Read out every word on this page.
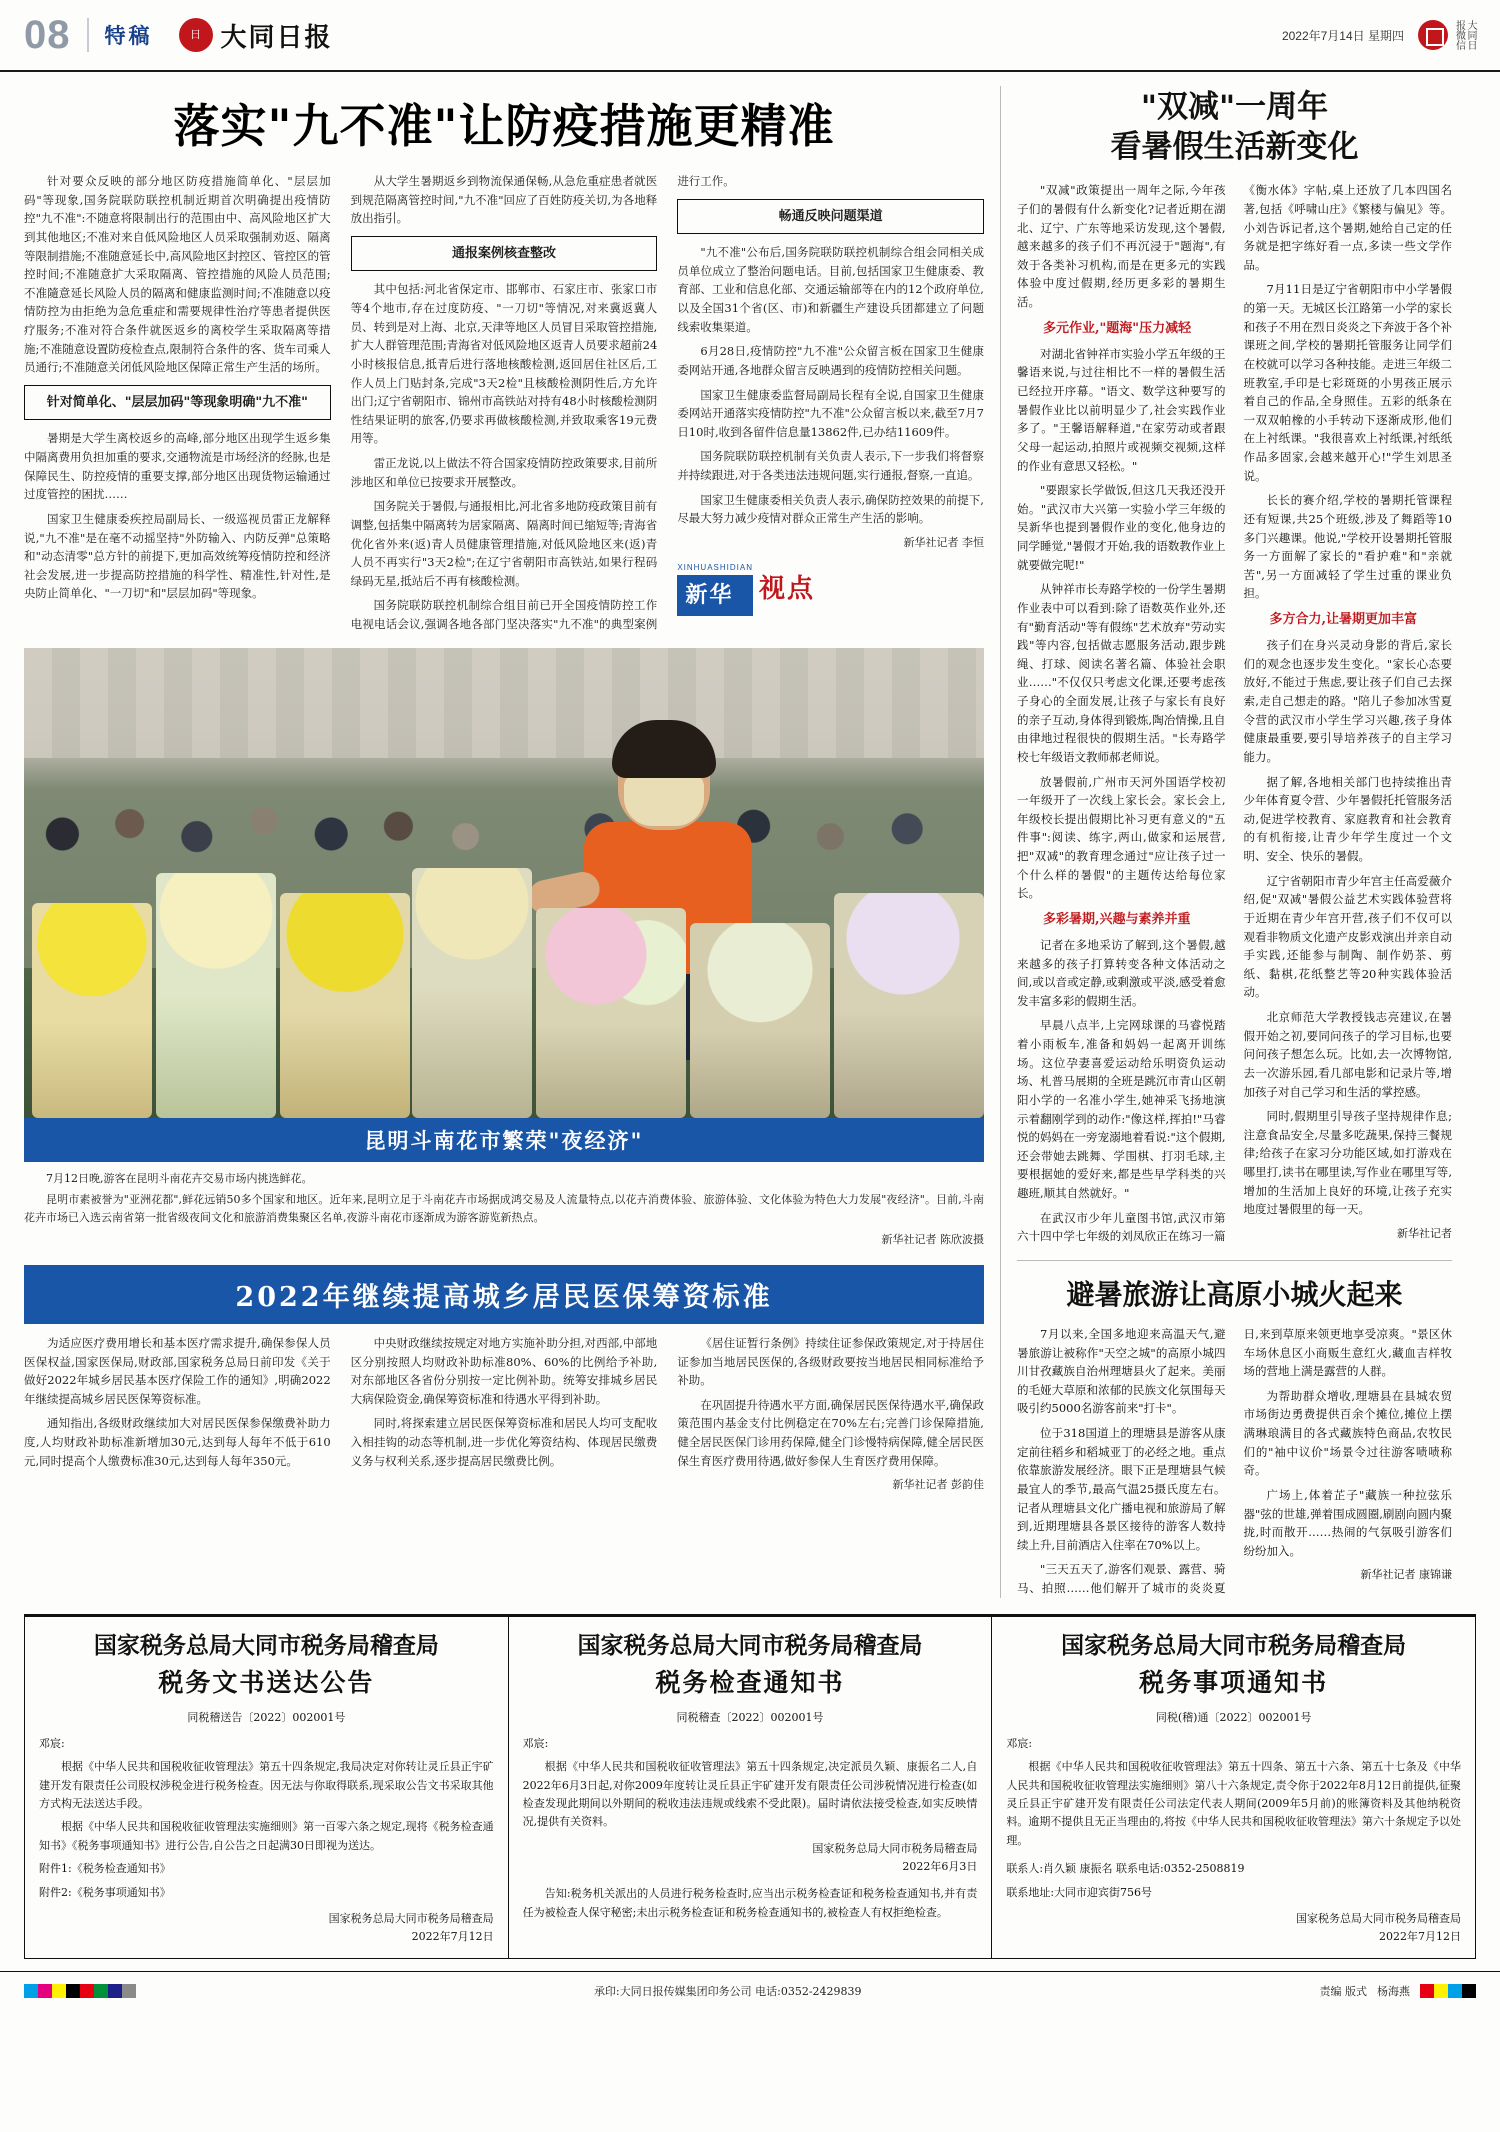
08 特稿	日 大同日报	2022年7月14日 星期四	大同日报微信
落实"九不准"让防疫措施更精准

针对要众反映的部分地区防疫措施简单化、"层层加码"等现象,国务院联防联控机制近期首次明确提出疫情防控"九不准":不随意将限制出行的范围由中、高风险地区扩大到其他地区;不准对来自低风险地区人员采取强制劝返、隔离等限制措施;不准随意延长中,高风险地区封控区、管控区的管控时间;不准随意扩大采取隔离、管控措施的风险人员范围;不准隨意延长风险人员的隔离和健康监测时间;不准随意以疫情防控为由拒绝为急危重症和需要规律性治疗等患者提供医疗服务;不准对符合条件就医返乡的离校学生采取隔离等措施;不准随意设置防疫检查点,限制符合条件的客、货车司乘人员通行;不准随意关闭低风险地区保障正常生产生活的场所。

针对简单化、"层层加码"等现象明确"九不准"

暑期是大学生离校返乡的高峰,部分地区出现学生返乡集中隔离费用负担加重的要求,交通物流是市场经济的经脉,也是保障民生、防控疫情的重要支撑,部分地区出现货物运输通过过度管控的困扰……

国家卫生健康委疾控局副局长、一级巡视员雷正龙解释说,"九不准"是在毫不动摇坚持"外防输入、内防反弹"总策略和"动态清零"总方针的前提下,更加高效统筹疫情防控和经济社会发展,进一步提高防控措施的科学性、精准性,针对性,是央防止简单化、"一刀切"和"层层加码"等现象。

从大学生暑期返乡到物流保通保畅,从急危重症患者就医到规范隔离管控时间,"九不准"回应了百姓防疫关切,为各地释放出指引。

通报案例核查整改

其中包括:河北省保定市、邯郸市、石家庄市、张家口市等4个地市,存在过度防疫、"一刀切"等情况,对来冀返冀人员、转到是对上海、北京,天津等地区人员冒目采取管控措施,扩大人群管理范围;青海省对低风险地区返青人员要求超前24小时核报信息,抵青后进行落地核酸检测,返回居住社区后,工作人员上门贴封条,完成"3天2检"且核酸检测阴性后,方允许出门;辽宁省朝阳市、锦州市高铁站对持有48小时核酸检测阴性结果证明的旅客,仍要求再做核酸检测,并致取乘客19元费用等。

雷正龙说,以上做法不符合国家疫情防控政策要求,目前所涉地区和单位已按要求开展整改。

国务院关于暑假,与通报相比,河北省多地防疫政策目前有调整,包括集中隔离转为居家隔离、隔离时间已缩短等;青海省优化省外来(返)青人员健康管理措施,对低风险地区来(返)青人员不再实行"3天2检";在辽宁省朝阳市高铁站,如果行程码绿码无星,抵站后不再有核酸检测。

国务院联防联控机制综合组目前已开全国疫情防控工作电视电话会议,强调各地各部门坚决落实"九不准"的典型案例进行工作。

畅通反映问题渠道

"九不准"公布后,国务院联防联控机制综合组会同相关成员单位成立了整治问题电话。目前,包括国家卫生健康委、教育部、工业和信息化部、交通运输部等在内的12个政府单位,以及全国31个省(区、市)和新疆生产建设兵团都建立了问题线索收集渠道。

6月28日,疫情防控"九不准"公众留言板在国家卫生健康委网站开通,各地群众留言反映遇到的疫情防控相关问题。

国家卫生健康委监督局副局长程有全说,自国家卫生健康委网站开通落实疫情防控"九不准"公众留言板以来,截至7月7日10时,收到各留件信息量13862件,已办结11609件。

国务院联防联控机制有关负责人表示,下一步我们将督察并持续跟进,对于各类违法违规问题,实行通报,督察,一直追。

国家卫生健康委相关负责人表示,确保防控效果的前提下,尽最大努力减少疫情对群众正常生产生活的影响。

新华社记者 李恒
XINHUASHIDIAN
新华 视点
昆明斗南花市繁荣"夜经济"

7月12日晚,游客在昆明斗南花卉交易市场内挑选鲜花。

昆明市素被誉为"亚洲花都",鲜花远销50多个国家和地区。近年来,昆明立足于斗南花卉市场据成鸿交易及人流量特点,以花卉消费体验、旅游体验、文化体验为特色大力发展"夜经济"。目前,斗南花卉市场已入选云南省第一批省级夜间文化和旅游消费集聚区名单,夜游斗南花市逐渐成为游客游览新热点。

新华社记者 陈欣波摄

2022年继续提高城乡居民医保筹资标准

为适应医疗费用增长和基本医疗需求提升,确保参保人员医保权益,国家医保局,财政部,国家税务总局日前印发《关于做好2022年城乡居民基本医疗保险工作的通知》,明确2022年继续提高城乡居民医保筹资标准。

通知指出,各级财政继续加大对居民医保参保缴费补助力度,人均财政补助标准新增加30元,达到每人每年不低于610元,同时提高个人缴费标准30元,达到每人每年350元。

中央财政继续按规定对地方实施补助分担,对西部,中部地区分别按照人均财政补助标准80%、60%的比例给予补助,对东部地区各省份分别按一定比例补助。统筹安排城乡居民大病保险资金,确保筹资标准和待遇水平得到补助。

同时,将探索建立居民医保筹资标准和居民人均可支配收入相挂钩的动态等机制,进一步优化筹资结构、体现居民缴费义务与权利关系,逐步提高居民缴费比例。

《居住证暂行条例》持续住证参保政策规定,对于持居住证参加当地居民医保的,各级财政要按当地居民相同标准给予补助。

在巩固提升待遇水平方面,确保居民医保待遇水平,确保政策范围内基金支付比例稳定在70%左右;完善门诊保障措施,健全居民医保门诊用药保障,健全门诊慢特病保障,健全居民医保生育医疗费用待遇,做好参保人生育医疗费用保障。

新华社记者 彭韵佳
"双减"一周年
看暑假生活新变化

"双减"政策提出一周年之际,今年孩子们的暑假有什么新变化?记者近期在湖北、辽宁、广东等地采访发现,这个暑假,越来越多的孩子们不再沉浸于"题海",有效于各类补习机构,而是在更多元的实践体验中度过假期,经历更多彩的暑期生活。

多元作业,"题海"压力减轻

对湖北省钟祥市实验小学五年级的王馨语来说,与过往相比不一样的暑假生活已经拉开序幕。"语文、数学这种要写的暑假作业比以前明显少了,社会实践作业多了。"王馨语解释道,"在家劳动或者跟父母一起运动,拍照片或视频交视频,这样的作业有意思又轻松。"

"要跟家长学做饭,但这几天我还没开始。"武汉市大兴第一实验小学三年级的吴新华也提到暑假作业的变化,他身边的同学睡觉,"暑假才开始,我的语数教作业上就要做完呢!"

从钟祥市长寿路学校的一份学生暑期作业表中可以看到:除了语数英作业外,还有"勤育活动"等有假练"艺术放弃"劳动实践"等内容,包括做志愿服务活动,跟步跳绳、打球、阅读名著名篇、体验社会职业……"不仅仅只考虑文化课,还要考虑孩子身心的全面发展,让孩子与家长有良好的亲子互动,身体得到锻炼,陶冶情操,且自由律地过程很快的假期生活。"长寿路学校七年级语文教师郝老师说。

放暑假前,广州市天河外国语学校初一年级开了一次线上家长会。家长会上,年级校长提出假期比补习更有意义的"五件事":阅读、练字,两山,做家和运展营,把"双减"的教育理念通过"应让孩子过一个什么样的暑假"的主题传达给每位家长。

多彩暑期,兴趣与素养并重

记者在多地采访了解到,这个暑假,越来越多的孩子打算转变各种文体活动之间,或以音或定静,或剩激或平淡,感受着愈发丰富多彩的假期生活。

早晨八点半,上完网球课的马睿悦踏着小雨板车,准备和妈妈一起离开训练场。这位孕妻喜爱运动给乐明资负运动场、札普马展期的全班是跳沉市青山区朝阳小学的一名准小学生,她神采飞扬地演示着翻刚学到的动作:"像这样,挥拍!"马睿悦的妈妈在一旁宠溺地着看说:"这个假期,还会带她去跳舞、学围棋、打羽毛球,主要根据她的爱好来,都是些早学科类的兴趣班,顺其自然就好。"

在武汉市少年儿童图书馆,武汉市第六十四中学七年级的刘凤欣正在练习一篇《衡水体》字帖,桌上还放了几本四国名著,包括《呼啸山庄》《繁楼与偏见》等。小刘告诉记者,这个暑期,她给自己定的任务就是把字练好看一点,多读一些文学作品。

7月11日是辽宁省朝阳市中小学暑假的第一天。无城区长江路第一小学的家长和孩子不用在烈日炎炎之下奔波于各个补课班之间,学校的暑期托管服务让同学们在校就可以学习各种技能。走进三年级二班教室,手印是七彩斑斑的小男孩正展示着自己的作品,全身照佳。五彩的纸条在一双双帕橡的小手转动下逐渐成形,他们在上衬纸课。"我很喜欢上衬纸课,衬纸纸作品多固家,会越来越开心!"学生刘思圣说。

长长的赛介绍,学校的暑期托管课程还有短课,共25个班级,涉及了舞蹈等10多门兴趣课。他说,"学校开设暑期托管服务一方面解了家长的"看护难"和"亲就苦",另一方面减轻了学生过重的课业负担。

多方合力,让暑期更加丰富

孩子们在身兴灵动身影的背后,家长们的观念也逐步发生变化。"家长心态要放好,不能过于焦虑,要让孩子们自己去探索,走自己想走的路。"陪儿子参加冰雪夏令营的武汉市小学生学习兴趣,孩子身体健康最重要,要引导培养孩子的自主学习能力。

据了解,各地相关部门也持续推出青少年体育夏令营、少年暑假托托管服务活动,促进学校教育、家庭教育和社会教育的有机衔接,让青少年学生度过一个文明、安全、快乐的暑假。

辽宁省朝阳市青少年宫主任高爱薇介绍,促"双减"暑假公益艺术实践体验营将于近期在青少年宫开营,孩子们不仅可以观看非物质文化遗产皮影戏演出并亲自动手实践,还能参与制陶、制作奶茶、剪纸、黏棋,花纸整艺等20种实践体验活动。

北京师范大学教授钱志亮建议,在暑假开始之初,要同问孩子的学习目标,也要问问孩子想怎么玩。比如,去一次博物馆,去一次游乐园,看几部电影和记录片等,增加孩子对自己学习和生活的掌控感。

同时,假期里引导孩子坚持规律作息;注意食品安全,尽量多吃蔬果,保持三餐规律;给孩子在家习分功能区域,如打游戏在哪里打,读书在哪里读,写作业在哪里写等,增加的生活加上良好的环境,让孩子充实地度过暑假里的每一天。

新华社记者
避暑旅游让高原小城火起来

7月以来,全国多地迎来高温天气,避暑旅游让被称作"天空之城"的高原小城四川甘孜藏族自治州理塘县火了起来。美丽的毛娅大草原和浓郁的民族文化氛围每天吸引约5000名游客前来"打卡"。

位于318国道上的理塘县是游客从康定前往稻乡和稻城亚丁的必经之地。重点依靠旅游发展经济。眼下正是理塘县气候最宜人的季节,最高气温25摄氏度左右。记者从理塘县文化广播电视和旅游局了解到,近期理塘县各景区接待的游客人数持续上升,目前酒店入住率在70%以上。

"三天五天了,游客们观景、露营、骑马、拍照……他们解开了城市的炎炎夏日,来到草原来领更地享受凉爽。"景区休车场休息区小商贩生意红火,藏血吉样牧场的营地上满是露营的人群。

为帮助群众增收,理塘县在县城农贸市场街边勇费提供百余个摊位,摊位上摆满琳琅满目的各式藏族特色商品,农牧民们的"袖中议价"场景令过往游客啧啧称奇。

广场上,体着芷子"藏族一种拉弦乐器"弦的世雄,弹着围成圆圈,刷剧向圆内聚拢,时而散开……热闹的气氛吸引游客们纷纷加入。

新华社记者 康锦谦
国家税务总局大同市税务局稽查局
税务文书送达公告
同税稽送告〔2022〕002001号

邓宸:

根据《中华人民共和国税收征收管理法》第五十四条规定,我局决定对你转让灵丘县正宇矿建开发有限责任公司股权涉税金进行税务检查。因无法与你取得联系,现采取公告文书采取其他方式构无法送达手段。

根据《中华人民共和国税收征收管理法实施细则》第一百零六条之规定,现将《税务检查通知书》《税务事项通知书》进行公告,自公告之日起满30日即视为送达。

附件1:《税务检查通知书》

附件2:《税务事项通知书》

国家税务总局大同市税务局稽查局
2022年7月12日
国家税务总局大同市税务局稽查局
税务检查通知书
同税稽查〔2022〕002001号

邓宸:

根据《中华人民共和国税收征收管理法》第五十四条规定,决定派员久颖、康振名二人,自2022年6月3日起,对你2009年度转让灵丘县正宇矿建开发有限责任公司涉税情况进行检查(如检查发现此期间以外期间的税收违法违规或线索不受此限)。届时请依法接受检查,如实反映情况,提供有关资料。

国家税务总局大同市税务局稽查局
2022年6月3日

告知:税务机关派出的人员进行税务检查时,应当出示税务检查证和税务检查通知书,并有责任为被检查人保守秘密;未出示税务检查证和税务检查通知书的,被检查人有权拒绝检查。

国家税务总局大同市税务局稽查局
税务事项通知书
同税(稽)通〔2022〕002001号

邓宸:

根据《中华人民共和国税收征收管理法》第五十四条、第五十六条、第五十七条及《中华人民共和国税收征收管理法实施细则》第八十六条规定,责令你于2022年8月12日前提供,征聚灵丘县正宇矿建开发有限责任公司法定代表人期间(2009年5月前)的账簿资料及其他纳税资料。逾期不提供且无正当理由的,将按《中华人民共和国税收征收管理法》第六十条规定予以处理。

联系人:肖久颖 康振名 联系电话:0352-2508819

联系地址:大同市迎宾街756号

国家税务总局大同市税务局稽查局
2022年7月12日
承印:大同日报传媒集团印务公司 电话:0352-2429839	责编 版式 杨海燕
